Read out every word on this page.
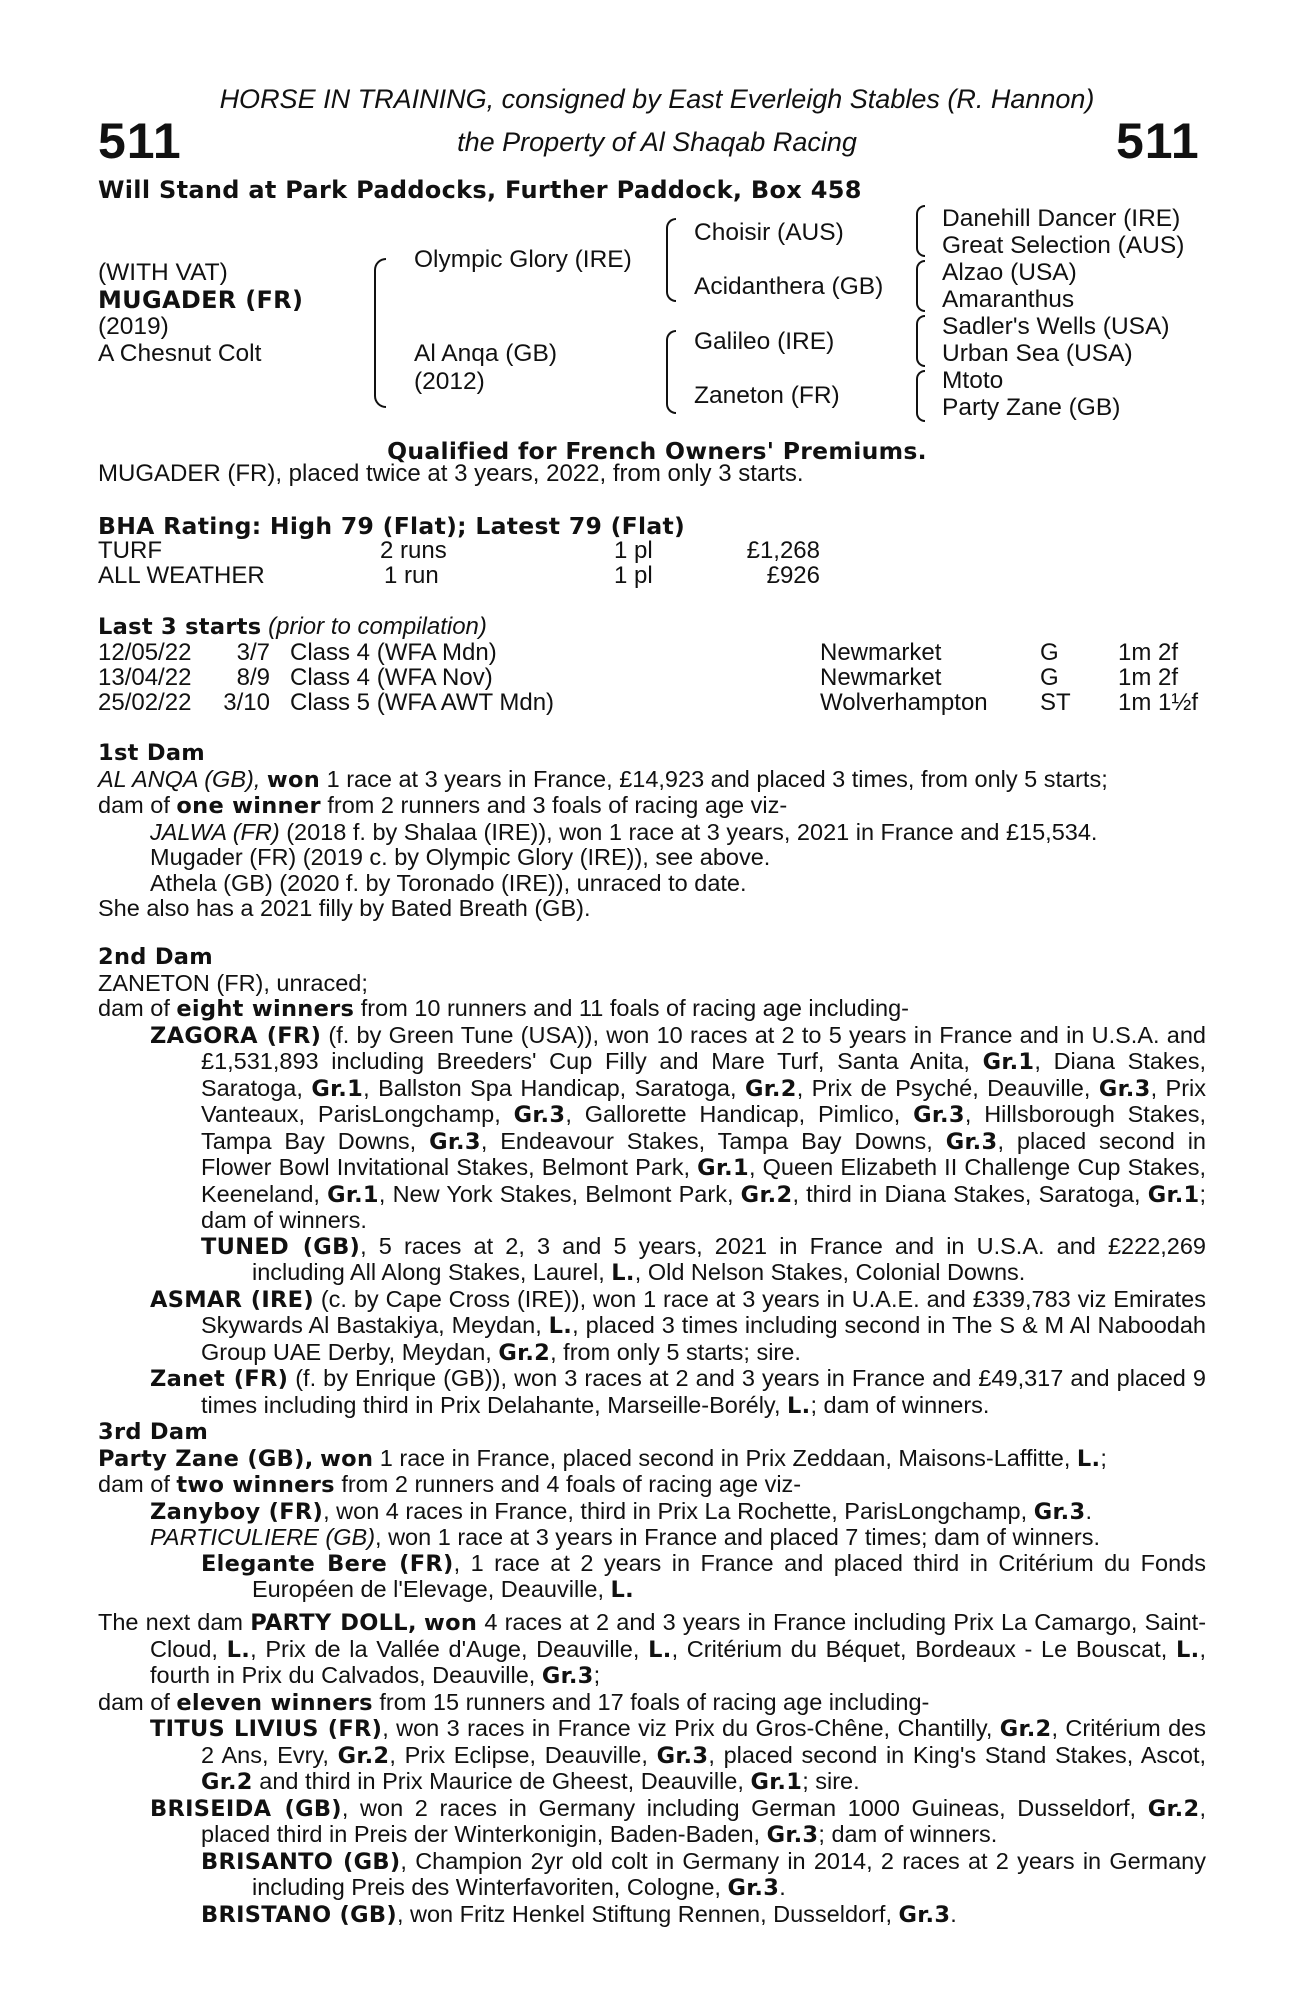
HORSE IN TRAINING, consigned by East Everleigh Stables (R. Hannon)
the Property of Al Shaqab Racing
511	511
Will Stand at Park Paddocks, Further Paddock, Box 458
(WITH VAT)
MUGADER (FR)
(2019)
A Chesnut Colt
Olympic Glory (IRE)
Al Anqa (GB)
(2012)
Choisir (AUS)
Acidanthera (GB)
Galileo (IRE)
Zaneton (FR)
Danehill Dancer (IRE)
Great Selection (AUS)
Alzao (USA)
Amaranthus
Sadler's Wells (USA)
Urban Sea (USA)
Mtoto
Party Zane (GB)
Qualified for French Owners' Premiums.
MUGADER (FR), placed twice at 3 years, 2022, from only 3 starts.
BHA Rating: High 79 (Flat); Latest 79 (Flat)
TURF	2 runs	1 pl	£1,268
ALL WEATHER	1 run	1 pl	£926
Last 3 starts (prior to compilation)
12/05/22	3/7 Class 4 (WFA Mdn)	Newmarket	G 1m 2f
13/04/22	8/9 Class 4 (WFA Nov)	Newmarket	G 1m 2f
25/02/22	3/10 Class 5 (WFA AWT Mdn)	Wolverhampton ST 1m 1½f

1st Dam

AL ANQA (GB), won 1 race at 3 years in France, £14,923 and placed 3 times, from only 5 starts;

dam of one winner from 2 runners and 3 foals of racing age viz-

JALWA (FR) (2018 f. by Shalaa (IRE)), won 1 race at 3 years, 2021 in France and £15,534.

Mugader (FR) (2019 c. by Olympic Glory (IRE)), see above.

Athela (GB) (2020 f. by Toronado (IRE)), unraced to date.

She also has a 2021 filly by Bated Breath (GB).

2nd Dam

ZANETON (FR), unraced;

dam of eight winners from 10 runners and 11 foals of racing age including-

ZAGORA (FR) (f. by Green Tune (USA)), won 10 races at 2 to 5 years in France and in U.S.A. and £1,531,893 including Breeders' Cup Filly and Mare Turf, Santa Anita, Gr.1, Diana Stakes, Saratoga, Gr.1, Ballston Spa Handicap, Saratoga, Gr.2, Prix de Psyché, Deauville, Gr.3, Prix Vanteaux, ParisLongchamp, Gr.3, Gallorette Handicap, Pimlico, Gr.3, Hillsborough Stakes, Tampa Bay Downs, Gr.3, Endeavour Stakes, Tampa Bay Downs, Gr.3, placed second in Flower Bowl Invitational Stakes, Belmont Park, Gr.1, Queen Elizabeth II Challenge Cup Stakes, Keeneland, Gr.1, New York Stakes, Belmont Park, Gr.2, third in Diana Stakes, Saratoga, Gr.1; dam of winners.

TUNED (GB), 5 races at 2, 3 and 5 years, 2021 in France and in U.S.A. and £222,269 including All Along Stakes, Laurel, L., Old Nelson Stakes, Colonial Downs.

ASMAR (IRE) (c. by Cape Cross (IRE)), won 1 race at 3 years in U.A.E. and £339,783 viz Emirates Skywards Al Bastakiya, Meydan, L., placed 3 times including second in The S & M Al Naboodah Group UAE Derby, Meydan, Gr.2, from only 5 starts; sire.

Zanet (FR) (f. by Enrique (GB)), won 3 races at 2 and 3 years in France and £49,317 and placed 9 times including third in Prix Delahante, Marseille-Borély, L.; dam of winners.

3rd Dam

Party Zane (GB), won 1 race in France, placed second in Prix Zeddaan, Maisons-Laffitte, L.;

dam of two winners from 2 runners and 4 foals of racing age viz-

Zanyboy (FR), won 4 races in France, third in Prix La Rochette, ParisLongchamp, Gr.3.

PARTICULIERE (GB), won 1 race at 3 years in France and placed 7 times; dam of winners.

Elegante Bere (FR), 1 race at 2 years in France and placed third in Critérium du Fonds Européen de l'Elevage, Deauville, L.

The next dam PARTY DOLL, won 4 races at 2 and 3 years in France including Prix La Camargo, Saint-Cloud, L., Prix de la Vallée d'Auge, Deauville, L., Critérium du Béquet, Bordeaux - Le Bouscat, L., fourth in Prix du Calvados, Deauville, Gr.3;

dam of eleven winners from 15 runners and 17 foals of racing age including-

TITUS LIVIUS (FR), won 3 races in France viz Prix du Gros-Chêne, Chantilly, Gr.2, Critérium des 2 Ans, Evry, Gr.2, Prix Eclipse, Deauville, Gr.3, placed second in King's Stand Stakes, Ascot, Gr.2 and third in Prix Maurice de Gheest, Deauville, Gr.1; sire.

BRISEIDA (GB), won 2 races in Germany including German 1000 Guineas, Dusseldorf, Gr.2, placed third in Preis der Winterkonigin, Baden-Baden, Gr.3; dam of winners.

BRISANTO (GB), Champion 2yr old colt in Germany in 2014, 2 races at 2 years in Germany including Preis des Winterfavoriten, Cologne, Gr.3.

BRISTANO (GB), won Fritz Henkel Stiftung Rennen, Dusseldorf, Gr.3.
